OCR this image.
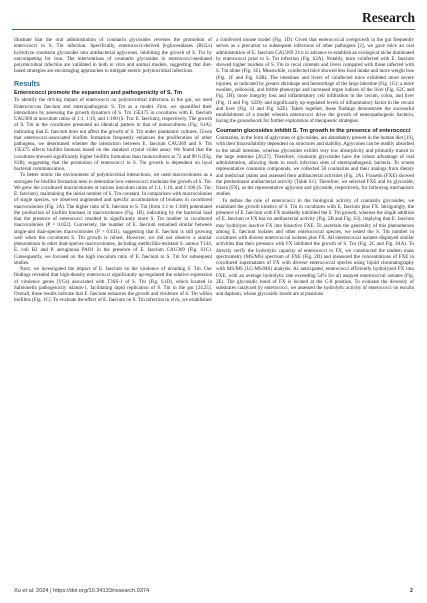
Research

illustrate that the oral administration of coumarin glycosides reverses the promotion of enterococci to S. Tm infection. Specifically, enterococci-derived β-glucosidases (BGLs) hydrolyze coumarin glycosides into antibacterial aglycones, inhibiting the growth of S. Tm by outcompeting for iron. The interventions of coumarin glycosides in enterococci-mediated polymicrobial infection are validated in both in vitro and animal models, suggesting that diet-based strategies are encouraging approaches to mitigate enteric polymicrobial infections.

Results
Enterococci promote the expansion and pathogenicity of S. Tm

To identify the driving impact of enterococci on polymicrobial infections in the gut, we used Enterococcus faecium and enteropathogenic S. Tm as a model. First, we quantified their interactions by assessing the growth dynamics of S. Tm 15E475 in cocultures with E. faecium CAU369 at inoculum ratios of 1:1, 1:10, and 1:100 (S. Tm: E. faecium), respectively. The growth of S. Tm in the cocultures presented an identical pattern to that of monocultures (Fig. S1A), indicating that E. faecium does not affect the growth of S. Tm under planktonic cultures. Given that enterococci-associated biofilm formation frequently enhances the proliferation of other pathogens, we determined whether the interaction between E. faecium CAU369 and S. Tm 15E475 affects biofilm biomass based on the standard crystal violet assay. We found that the cocultures showed significantly higher biofilm formation than monocultures at 72 and 96 h (Fig. S1B), suggesting that the promotion of enterococci to S. Tm growth is dependent on local bacterial communication.

To better mimic the environment of polymicrobial interactions, we used macrocolonies as a surrogate for biofilm formation tests to determine how enterococci modulate the growth of S. Tm. We grew the cocultured macrocolonies at various inoculum ratios of 1:1, 1:10, and 1:100 (S. Tm: E. faecium), maintaining the initial number of S. Tm constant. In comparison with macrocolonies of single species, we observed augmented and specific accumulation of biomass in cocultured macrocolonies (Fig. 1A). The higher ratio of E. faecium to S. Tm (from 1:1 to 1:100) potentiated the production of biofilm biomass in macrocolonies (Fig. 1B), indicating by the bacterial load that the presence of enterococci resulted in significantly more S. Tm number in cocultured macrocolonies (P = 0.022). Conversely, the number of E. faecium remained similar between single-and dual-species macrocolonies (P = 0.431), suggesting that E. faecium is still growing well when the cocultured S. Tm growth is robust. However, we did not observe a similar phenomenon in other dual-species macrocolonies, including methicillin-resistant S. aureus T144, E. coli B2 and P. aeruginosa PAO1 in the presence of E. faecium CAU369 (Fig. S1C). Consequently, we focused on the high inoculum ratio of E. faecium to S. Tm for subsequent studies.

Next, we investigated the impact of E. faecium on the virulence of invading S. Tm. Our findings revealed that high-density enterococci significantly up-regulated the relative expression of virulence genes (VGs) associated with T3SS-1 of S. Tm (Fig. S1D), which located in Salmonella pathogenicity islands-1, facilitating rapid replication of S. Tm in the gut [24,25]. Overall, these results indicate that E. faecium enhances the growth and virulence of S. Tm within biofilms (Fig. 1C). To evaluate the effect of E. faecium on S. Tm infection in vivo, we established

a coinfected mouse model (Fig. 1D). Given that enterococcal overgrowth in the gut frequently serves as a precursor to subsequent infections of other pathogens [2], we gave mice an oral administration of E. faecium CAU369 24 h in advance to establish an ecological niche dominated by enterococci prior to S. Tm infection (Fig. S2A). Notably, mice coinfected with E. faecium showed higher burdens of S. Tm in cecal contents and livers compared with those infected with S. Tm alone (Fig. 1E). Meanwhile, coinfected mice showed less food intake and more weight loss (Fig. 1F and Fig. S2B). The intestines and livers of coinfected mice exhibited more severe injuries, as indicated by greater shrinkage and hemorrhage of the large intestine (Fig. 1G); a more swollen, yellowish, and brittle phenotype and increased organ indices of the liver (Fig. S2C and Fig. 1H); more integrity loss and inflammatory cell infiltration in the cecum, colon, and liver (Fig. 1I and Fig. S2D); and significantly up-regulated levels of inflammatory factor in the cecum and liver (Fig. 1J and Fig. S2E). Taken together, these findings demonstrate the successful establishment of a model wherein enterococci drive the growth of enteropathogenic bacteria, laying the groundwork for further exploration of therapeutic strategies.

Coumarin glucosides inhibit S. Tm growth in the presence of enterococci

Coumarins, in the form of aglycones or glycosides, are abundantly present in the human diet [19], with their bioavailability dependent on structures and stability. Aglycones can be readily absorbed in the small intestine, whereas glycosides exhibit very low absorptivity and primarily transit to the large intestine [26,27]. Therefore, coumarin glycosides have the robust advantage of oral administration, allowing them to reach infection sites of enteropathogenic bacteria. To screen representative coumarin compounds, we collected 50 coumarins and their analogs from dietary and medicinal plants and assessed their antibacterial activities (Fig. 2A). Fraxetin (FXE) showed the predominant antibacterial activity (Table S1). Therefore, we selected FXE and its glycoside, fraxin (FX), as the representative aglycone and glycoside, respectively, for following mechanistic studies.

To define the role of enterococci in the biological activity of coumarin glycosides, we examined the growth kinetics of S. Tm in cocultures with E. faecium plus FX. Intriguingly, the presence of E. faecium with FX markedly inhibited the S. Tm growth, whereas the single addition of E. faecium or FX has no antibacterial activity (Fig. 2B and Fig. S3), implying that E. faecium may hydrolyze inactive FX into bioactive FXE. To ascertain the generality of this phenomenon among E. faecium isolates and other enterococcal species, we tested the S. Tm number in cocultures with diverse enterococcal isolates plus FX. All enterococcal isolates displayed similar activities that their presence with FX inhibited the growth of S. Tm (Fig. 2C and Fig. S4A). To directly verify the hydrolytic capacity of enterococci to FX, we constructed the tandem mass spectrometry (MS/MS) spectrum of FXE (Fig. 2D) and measured the concentrations of FXE in cocultured supernatants of FX with diverse enterococcal species using liquid chromatography with MS/MS (LC-MS/MS) analysis. As anticipated, enterococci efficiently hydrolyzed FX into FXE, with an average hydrolytic rate exceeding 54% for all assayed enterococcal isolates (Fig. 2E). The glycosidic bond of FX is located at the C-8 position. To evaluate the diversity of substrates catalyzed by enterococci, we assessed the hydrolytic activity of enterococci on esculin and daphnin, whose glycosidic bonds are at positions

Xu et al. 2024 | https://doi.org/10.34133/research.0374	2
